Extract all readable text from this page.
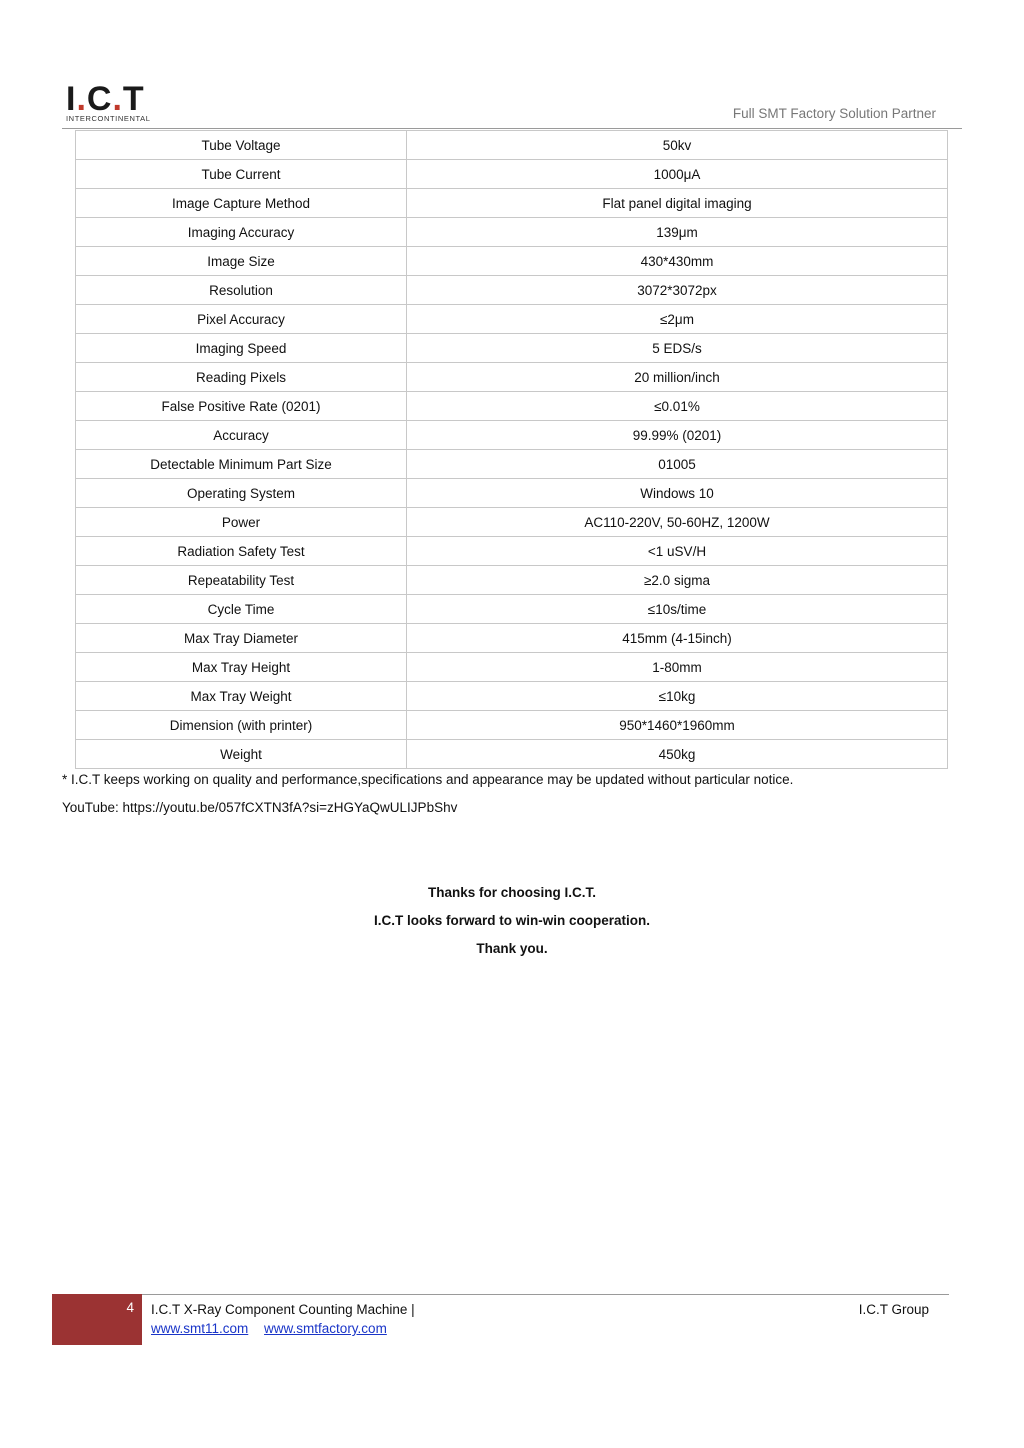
I.C.T
INTERCONTINENTAL	Full SMT Factory Solution Partner
Tube Voltage	50kv
Tube Current	1000μA
Image Capture Method	Flat panel digital imaging
Imaging Accuracy	139μm
Image Size	430*430mm
Resolution	3072*3072px
Pixel Accuracy	≤2μm
Imaging Speed	5 EDS/s
Reading Pixels	20 million/inch
False Positive Rate (0201)	≤0.01%
Accuracy	99.99% (0201)
Detectable Minimum Part Size	01005
Operating System	Windows 10
Power	AC110-220V, 50-60HZ, 1200W
Radiation Safety Test	<1 uSV/H
Repeatability Test	≥2.0 sigma
Cycle Time	≤10s/time
Max Tray Diameter	415mm (4-15inch)
Max Tray Height	1-80mm
Max Tray Weight	≤10kg
Dimension (with printer)	950*1460*1960mm
Weight	450kg
* I.C.T keeps working on quality and performance,specifications and appearance may be updated without particular notice.
YouTube: https://youtu.be/057fCXTN3fA?si=zHGYaQwULIJPbShv
Thanks for choosing I.C.T.
I.C.T looks forward to win-win cooperation.
Thank you.
4 I.C.T X-Ray Component Counting Machine |
www.smt11.com www.smtfactory.com
I.C.T Group
